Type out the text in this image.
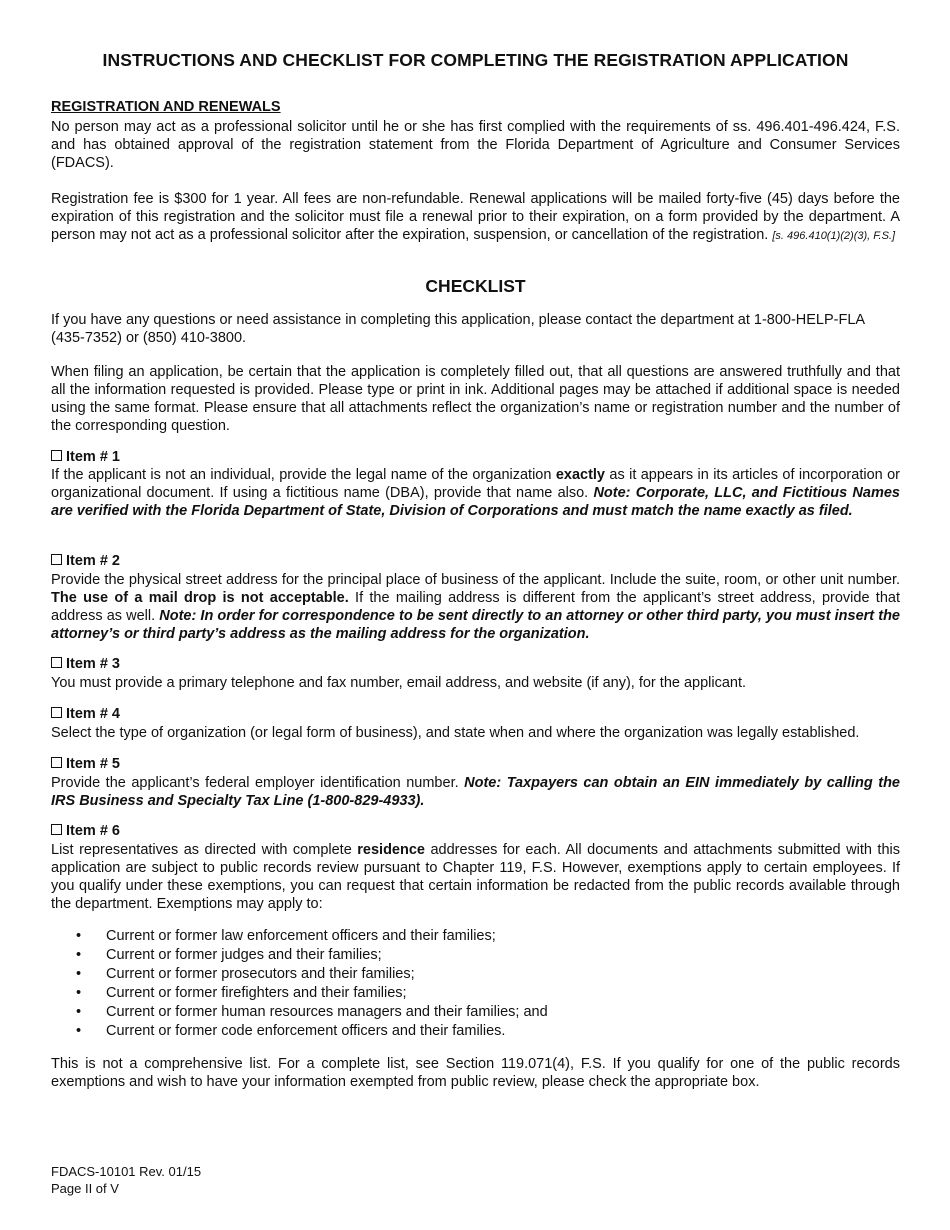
INSTRUCTIONS AND CHECKLIST FOR COMPLETING THE REGISTRATION APPLICATION
REGISTRATION AND RENEWALS
No person may act as a professional solicitor until he or she has first complied with the requirements of ss. 496.401-496.424, F.S. and has obtained approval of the registration statement from the Florida Department of Agriculture and Consumer Services (FDACS).
Registration fee is $300 for 1 year. All fees are non-refundable. Renewal applications will be mailed forty-five (45) days before the expiration of this registration and the solicitor must file a renewal prior to their expiration, on a form provided by the department. A person may not act as a professional solicitor after the expiration, suspension, or cancellation of the registration. [s. 496.410(1)(2)(3), F.S.]
CHECKLIST
If you have any questions or need assistance in completing this application, please contact the department at 1-800-HELP-FLA (435-7352) or (850) 410-3800.
When filing an application, be certain that the application is completely filled out, that all questions are answered truthfully and that all the information requested is provided. Please type or print in ink. Additional pages may be attached if additional space is needed using the same format. Please ensure that all attachments reflect the organization’s name or registration number and the number of the corresponding question.
Item # 1
If the applicant is not an individual, provide the legal name of the organization exactly as it appears in its articles of incorporation or organizational document. If using a fictitious name (DBA), provide that name also. Note: Corporate, LLC, and Fictitious Names are verified with the Florida Department of State, Division of Corporations and must match the name exactly as filed.
Item # 2
Provide the physical street address for the principal place of business of the applicant. Include the suite, room, or other unit number. The use of a mail drop is not acceptable. If the mailing address is different from the applicant’s street address, provide that address as well. Note: In order for correspondence to be sent directly to an attorney or other third party, you must insert the attorney’s or third party’s address as the mailing address for the organization.
Item # 3
You must provide a primary telephone and fax number, email address, and website (if any), for the applicant.
Item # 4
Select the type of organization (or legal form of business), and state when and where the organization was legally established.
Item # 5
Provide the applicant’s federal employer identification number. Note: Taxpayers can obtain an EIN immediately by calling the IRS Business and Specialty Tax Line (1-800-829-4933).
Item # 6
List representatives as directed with complete residence addresses for each. All documents and attachments submitted with this application are subject to public records review pursuant to Chapter 119, F.S. However, exemptions apply to certain employees. If you qualify under these exemptions, you can request that certain information be redacted from the public records available through the department. Exemptions may apply to:
• Current or former law enforcement officers and their families;
• Current or former judges and their families;
• Current or former prosecutors and their families;
• Current or former firefighters and their families;
• Current or former human resources managers and their families; and
• Current or former code enforcement officers and their families.
This is not a comprehensive list. For a complete list, see Section 119.071(4), F.S. If you qualify for one of the public records exemptions and wish to have your information exempted from public review, please check the appropriate box.
FDACS-10101 Rev. 01/15
Page II of V
